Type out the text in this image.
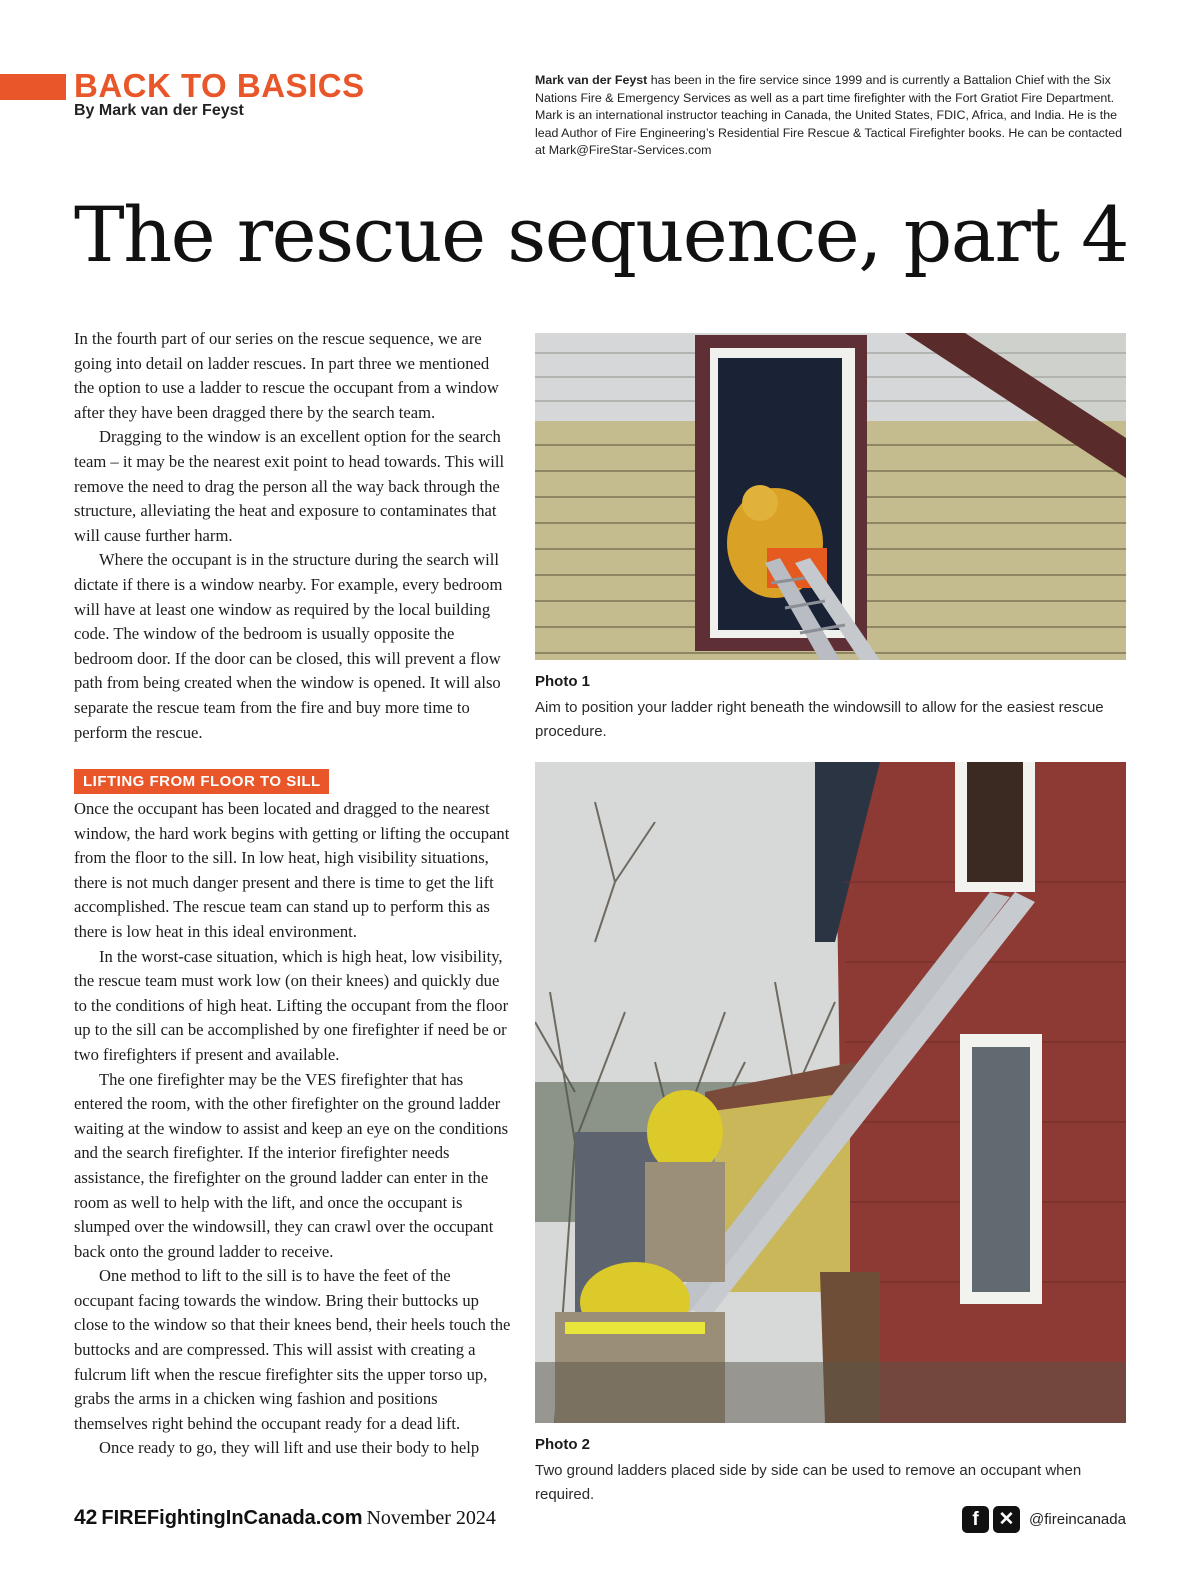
BACK TO BASICS
By Mark van der Feyst
Mark van der Feyst has been in the fire service since 1999 and is currently a Battalion Chief with the Six Nations Fire & Emergency Services as well as a part time firefighter with the Fort Gratiot Fire Department. Mark is an international instructor teaching in Canada, the United States, FDIC, Africa, and India. He is the lead Author of Fire Engineering’s Residential Fire Rescue & Tactical Firefighter books. He can be contacted at Mark@FireStar-Services.com
The rescue sequence, part 4

In the fourth part of our series on the rescue sequence, we are going into detail on ladder rescues. In part three we mentioned the option to use a ladder to rescue the occupant from a window after they have been dragged there by the search team.

Dragging to the window is an excellent option for the search team – it may be the nearest exit point to head towards. This will remove the need to drag the person all the way back through the structure, alleviating the heat and exposure to contaminates that will cause further harm.

Where the occupant is in the structure during the search will dictate if there is a window nearby. For example, every bedroom will have at least one window as required by the local building code. The window of the bedroom is usually opposite the bedroom door. If the door can be closed, this will prevent a flow path from being created when the window is opened. It will also separate the rescue team from the fire and buy more time to perform the rescue.

LIFTING FROM FLOOR TO SILL

Once the occupant has been located and dragged to the nearest window, the hard work begins with getting or lifting the occupant from the floor to the sill. In low heat, high visibility situations, there is not much danger present and there is time to get the lift accomplished. The rescue team can stand up to perform this as there is low heat in this ideal environment.

In the worst-case situation, which is high heat, low visibility, the rescue team must work low (on their knees) and quickly due to the conditions of high heat. Lifting the occupant from the floor up to the sill can be accomplished by one firefighter if need be or two firefighters if present and available.

The one firefighter may be the VES firefighter that has entered the room, with the other firefighter on the ground ladder waiting at the window to assist and keep an eye on the conditions and the search firefighter. If the interior firefighter needs assistance, the firefighter on the ground ladder can enter in the room as well to help with the lift, and once the occupant is slumped over the windowsill, they can crawl over the occupant back onto the ground ladder to receive.

One method to lift to the sill is to have the feet of the occupant facing towards the window. Bring their buttocks up close to the window so that their knees bend, their heels touch the buttocks and are compressed. This will assist with creating a fulcrum lift when the rescue firefighter sits the upper torso up, grabs the arms in a chicken wing fashion and positions themselves right behind the occupant ready for a dead lift.

Once ready to go, they will lift and use their body to help

Photo 1
Aim to position your ladder right beneath the windowsill to allow for the easiest rescue procedure.
Photo 2
Two ground ladders placed side by side can be used to remove an occupant when required.
42 FIREFightingInCanada.com November 2024	f	✕ @fireincanada
